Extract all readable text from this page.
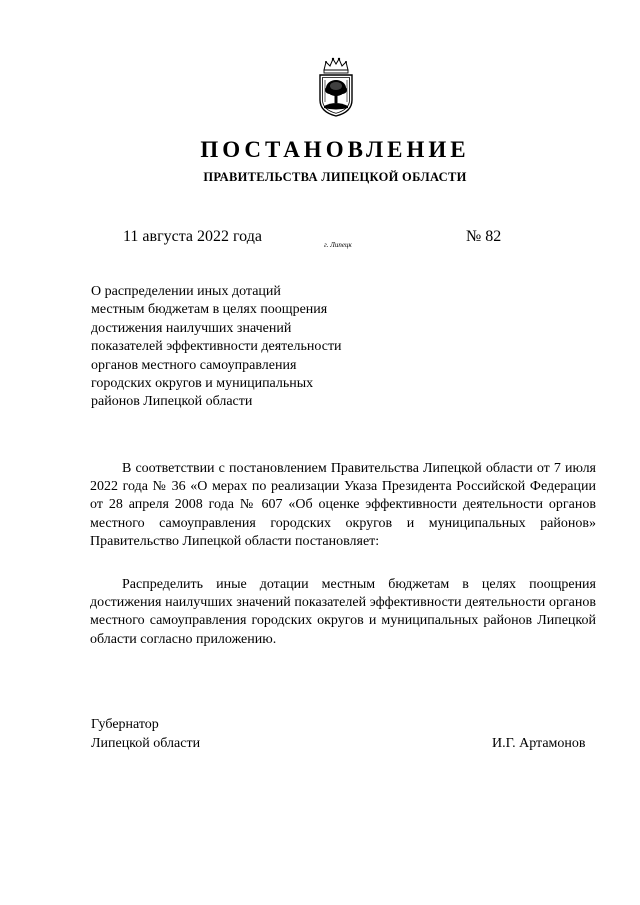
ПОСТАНОВЛЕНИЕ
ПРАВИТЕЛЬСТВА ЛИПЕЦКОЙ ОБЛАСТИ
11 августа 2022 года	г. Липецк	№ 82
О распределении иных дотаций
местным бюджетам в целях поощрения
достижения наилучших значений
показателей эффективности деятельности
органов местного самоуправления
городских округов и муниципальных
районов Липецкой области
В соответствии с постановлением Правительства Липецкой области от 7 июля 2022 года № 36 «О мерах по реализации Указа Президента Российской Федерации от 28 апреля 2008 года № 607 «Об оценке эффективности деятельности органов местного самоуправления городских округов и муниципальных районов» Правительство Липецкой области постановляет:
Распределить иные дотации местным бюджетам в целях поощрения достижения наилучших значений показателей эффективности деятельности органов местного самоуправления городских округов и муниципальных районов Липецкой области согласно приложению.
Губернатор
Липецкой области	И.Г. Артамонов
